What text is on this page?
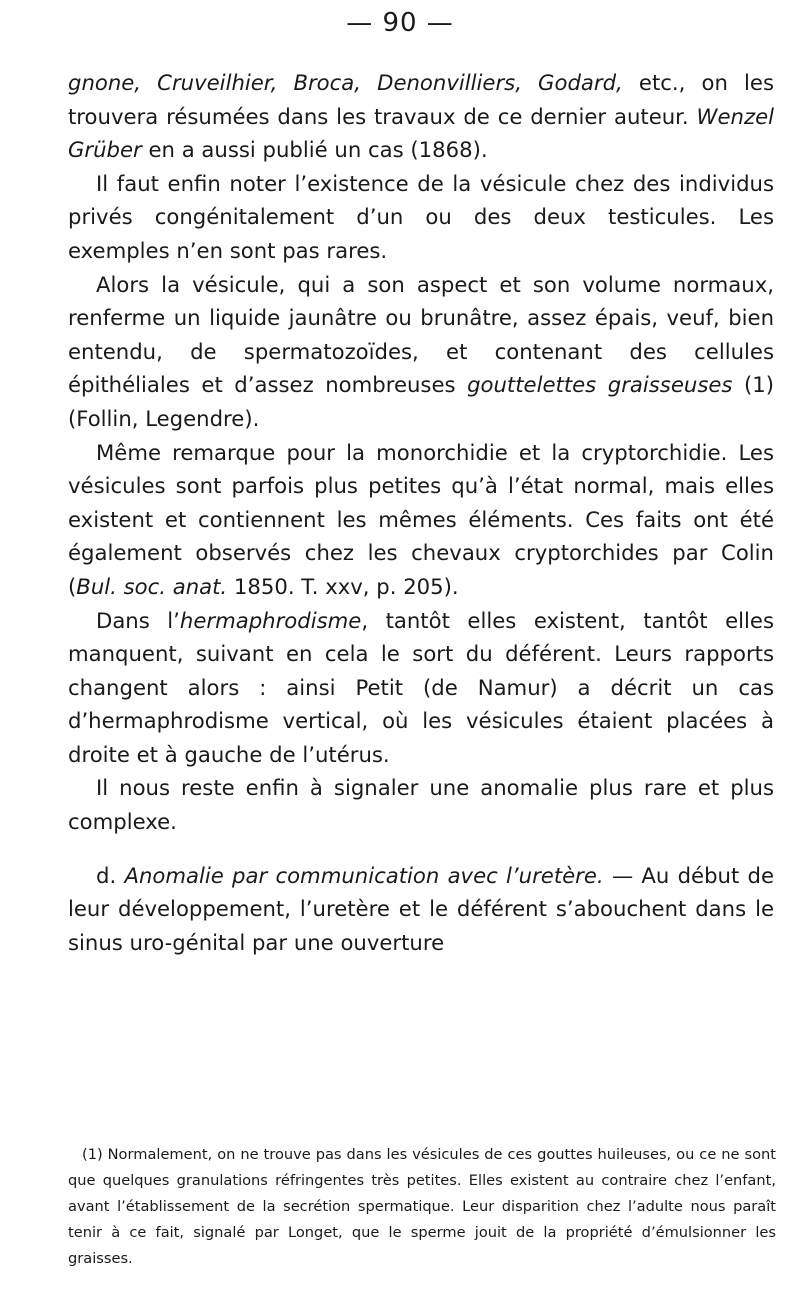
— 90 —

gnone, Cruveilhier, Broca, Denonvilliers, Godard, etc., on les trouvera résumées dans les travaux de ce dernier auteur. Wenzel Grüber en a aussi publié un cas (1868).

Il faut enfin noter l’existence de la vésicule chez des individus privés congénitalement d’un ou des deux testicules. Les exemples n’en sont pas rares.

Alors la vésicule, qui a son aspect et son volume normaux, renferme un liquide jaunâtre ou brunâtre, assez épais, veuf, bien entendu, de spermatozoïdes, et contenant des cellules épithéliales et d’assez nombreuses gouttelettes graisseuses (1) (Follin, Legendre).

Même remarque pour la monorchidie et la cryptorchidie. Les vésicules sont parfois plus petites qu’à l’état normal, mais elles existent et contiennent les mêmes éléments. Ces faits ont été également observés chez les chevaux cryptorchides par Colin (Bul. soc. anat. 1850. T. xxv, p. 205).

Dans l’hermaphrodisme, tantôt elles existent, tantôt elles manquent, suivant en cela le sort du déférent. Leurs rapports changent alors : ainsi Petit (de Namur) a décrit un cas d’hermaphrodisme vertical, où les vésicules étaient placées à droite et à gauche de l’utérus.

Il nous reste enfin à signaler une anomalie plus rare et plus complexe.

d. Anomalie par communication avec l’uretère. — Au début de leur développement, l’uretère et le déférent s’abouchent dans le sinus uro-génital par une ouverture

(1) Normalement, on ne trouve pas dans les vésicules de ces gouttes huileuses, ou ce ne sont que quelques granulations réfringentes très petites. Elles existent au contraire chez l’enfant, avant l’établissement de la secrétion spermatique. Leur disparition chez l’adulte nous paraît tenir à ce fait, signalé par Longet, que le sperme jouit de la propriété d’émulsionner les graisses.
